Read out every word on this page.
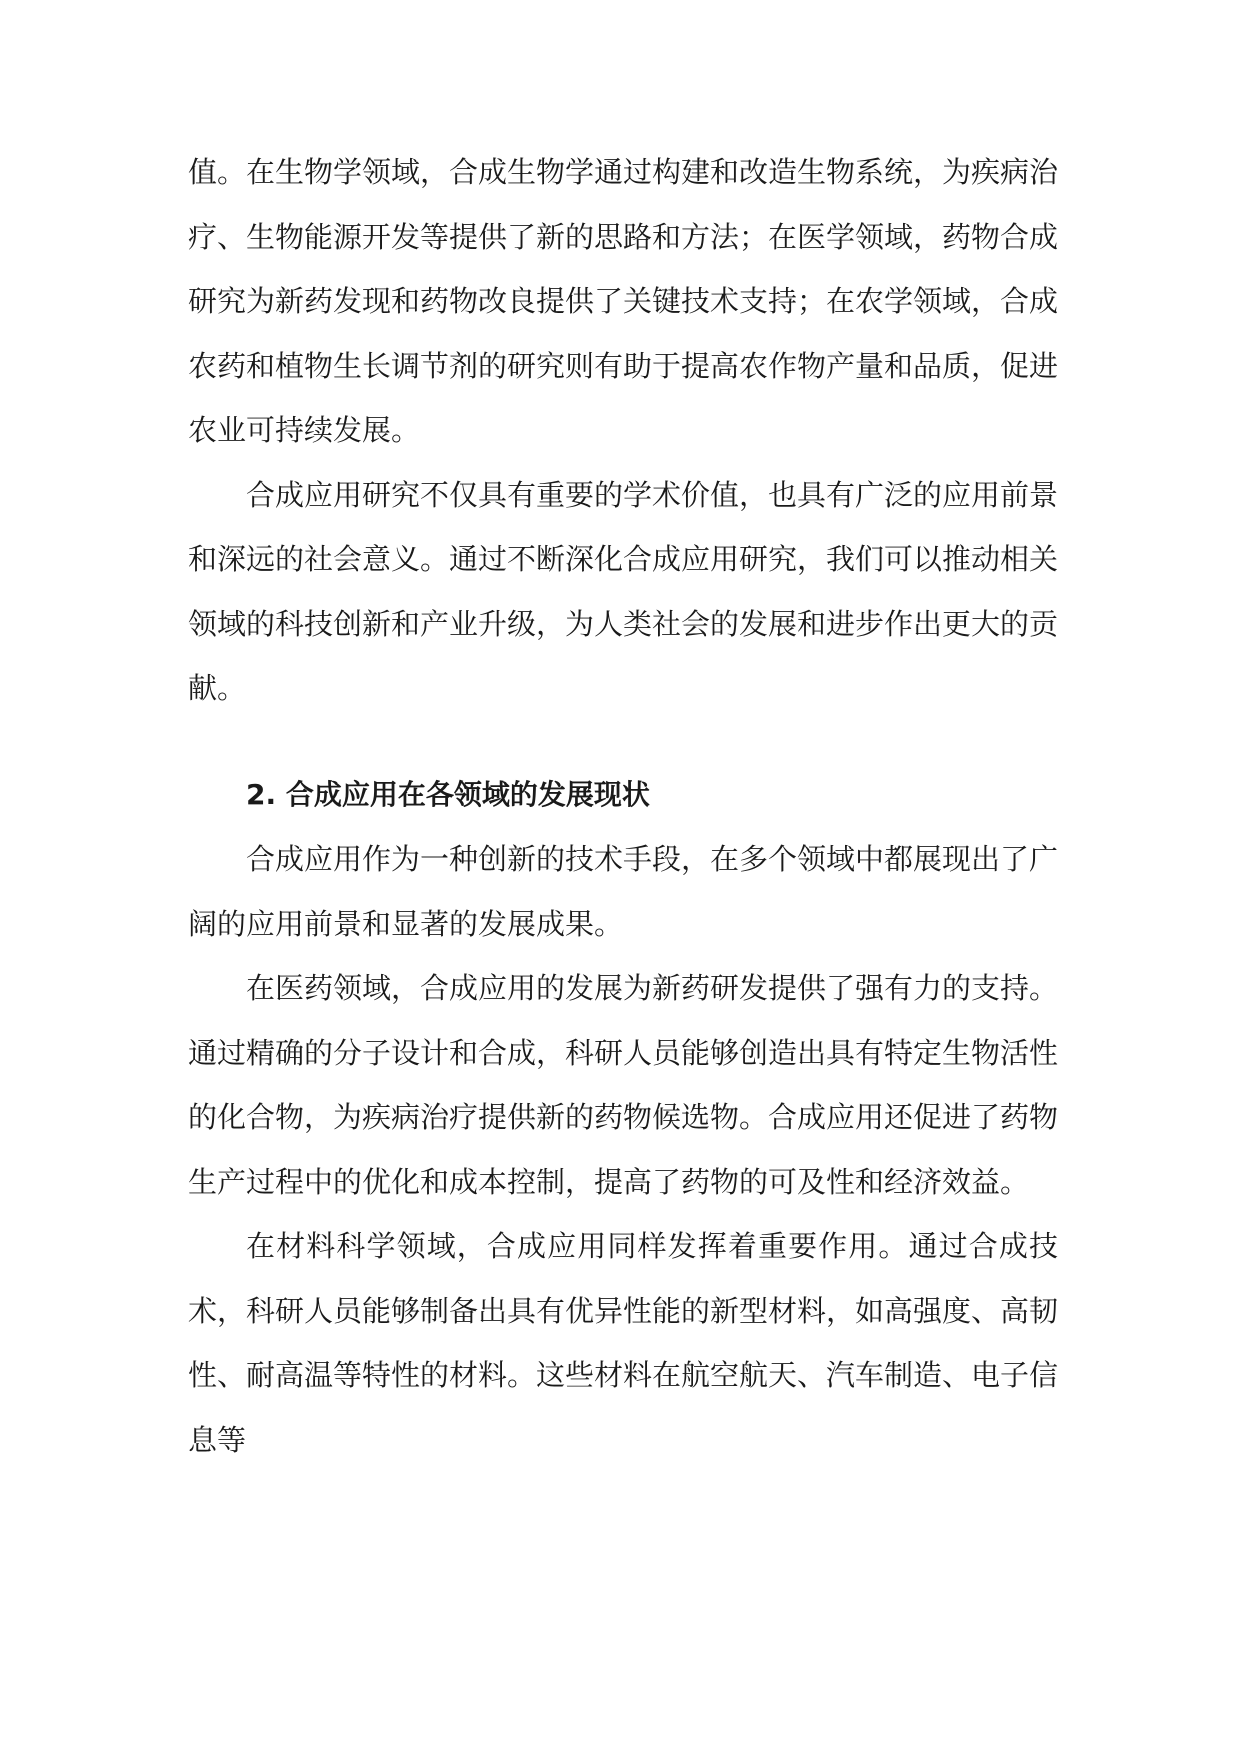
值。在生物学领域，合成生物学通过构建和改造生物系统，为疾病治疗、生物能源开发等提供了新的思路和方法；在医学领域，药物合成研究为新药发现和药物改良提供了关键技术支持；在农学领域，合成农药和植物生长调节剂的研究则有助于提高农作物产量和品质，促进农业可持续发展。

合成应用研究不仅具有重要的学术价值，也具有广泛的应用前景和深远的社会意义。通过不断深化合成应用研究，我们可以推动相关领域的科技创新和产业升级，为人类社会的发展和进步作出更大的贡献。

2. 合成应用在各领域的发展现状

合成应用作为一种创新的技术手段，在多个领域中都展现出了广阔的应用前景和显著的发展成果。

在医药领域，合成应用的发展为新药研发提供了强有力的支持。通过精确的分子设计和合成，科研人员能够创造出具有特定生物活性的化合物，为疾病治疗提供新的药物候选物。合成应用还促进了药物生产过程中的优化和成本控制，提高了药物的可及性和经济效益。

在材料科学领域，合成应用同样发挥着重要作用。通过合成技术，科研人员能够制备出具有优异性能的新型材料，如高强度、高韧性、耐高温等特性的材料。这些材料在航空航天、汽车制造、电子信息等
